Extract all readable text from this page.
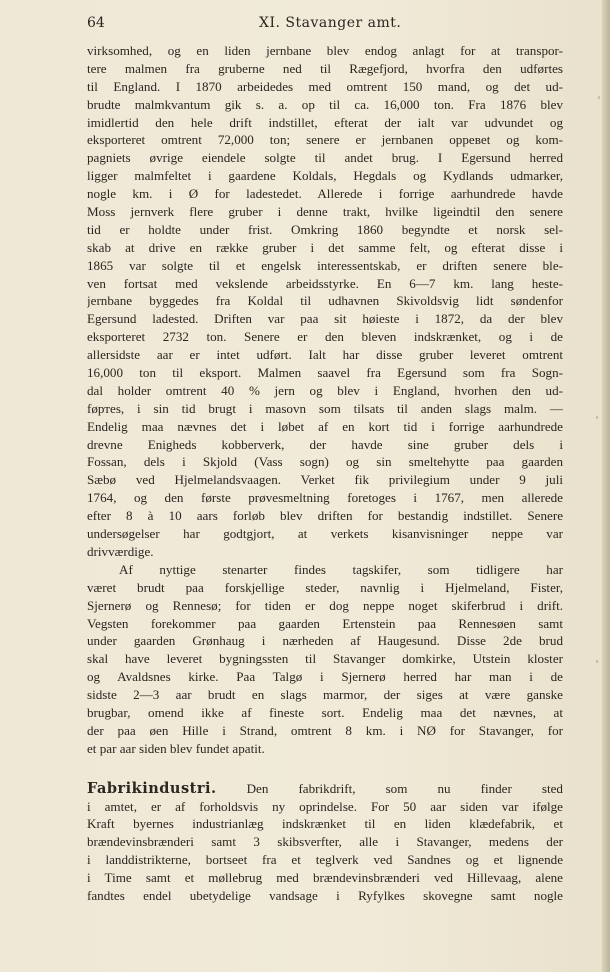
64	XI. Stavanger amt.
virksomhed, og en liden jernbane blev endog anlagt for at transpor-
tere malmen fra gruberne ned til Rægefjord, hvorfra den udførtes
til England. I 1870 arbeidedes med omtrent 150 mand, og det ud-
brudte malmkvantum gik s. a. op til ca. 16,000 ton. Fra 1876 blev
imidlertid den hele drift indstillet, efterat der ialt var udvundet og
eksporteret omtrent 72,000 ton; senere er jernbanen opревet og kom-
pagniets øvrige eiendele solgte til andet brug. I Egersund herred
ligger malmfeltet i gaardene Koldals, Hegdals og Kydlands udmarker,
nogle km. i Ø for ladestedet. Allerede i forrige aarhundrede havde
Moss jernverk flere gruber i denne trakt, hvilke ligeindtil den senere
tid er holdte under frist. Omkring 1860 begyndte et norsk sel-
skab at drive en række gruber i det samme felt, og efterat disse i
1865 var solgte til et engelsk interessentskab, er driften senere ble-
ven fortsat med vekslende arbeidsstyrke. En 6—7 km. lang heste-
jernbane byggedes fra Koldal til udhavnen Skivoldsvig lidt søndenfor
Egersund ladested. Driften var paa sit høieste i 1872, da der blev
eksporteret 2732 ton. Senere er den bleven indskrænket, og i de
allersidste aar er intet udført. Ialt har disse gruber leveret omtrent
16,000 ton til eksport. Malmen saavel fra Egersund som fra Sogn-
dal holder omtrent 40 % jern og blev i England, hvorhen den ud-
føртes, i sin tid brugt i masovn som tilsats til anden slags malm. —
Endelig maa nævnes det i løbet af en kort tid i forrige aarhundrede
drevne Enigheds kobberverk, der havde sine gruber dels i
Fossan, dels i Skjold (Vass sogn) og sin smeltehytte paa gaarden
Sæbø ved Hjelmelandsvaagen. Verket fik privilegium under 9 juli
1764, og den første prøvesmeltning foretoges i 1767, men allerede
efter 8 à 10 aars forløb blev driften for bestandig indstillet. Senere
undersøgelser har godtgjort, at verkets kisanvisninger neppe var
drivværdige.
Af nyttige stenarter findes tagskifer, som tidligere har
været brudt paa forskjellige steder, navnlig i Hjelmeland, Fister,
Sjernerø og Rennesø; for tiden er dog neppe noget skiferbrud i drift.
Vegsten forekommer paa gaarden Ertenstein paa Rennesøen samt
under gaarden Grønhaug i nærheden af Haugesund. Disse 2de brud
skal have leveret bygningssten til Stavanger domkirke, Utstein kloster
og Avaldsnes kirke. Paa Talgø i Sjernerø herred har man i de
sidste 2—3 aar brudt en slags marmor, der siges at være ganske
brugbar, omend ikke af fineste sort. Endelig maa det nævnes, at
der paa øen Hille i Strand, omtrent 8 km. i NØ for Stavanger, for
et par aar siden blev fundet apatit.
Fabrikindustri. Den fabrikdrift, som nu finder sted
i amtet, er af forholdsvis ny oprindelse. For 50 aar siden var ifølge
Kraft byernes industrianlæg indskrænket til en liden klædefabrik, et
brændevinsbrænderi samt 3 skibsverfter, alle i Stavanger, medens der
i landdistrikterne, bortseet fra et teglverk ved Sandnes og et lignende
i Time samt et møllebrug med brændevinsbrænderi ved Hillevaag, alene
fandtes endel ubetydelige vandsage i Ryfylkes skovegne samt nogle
